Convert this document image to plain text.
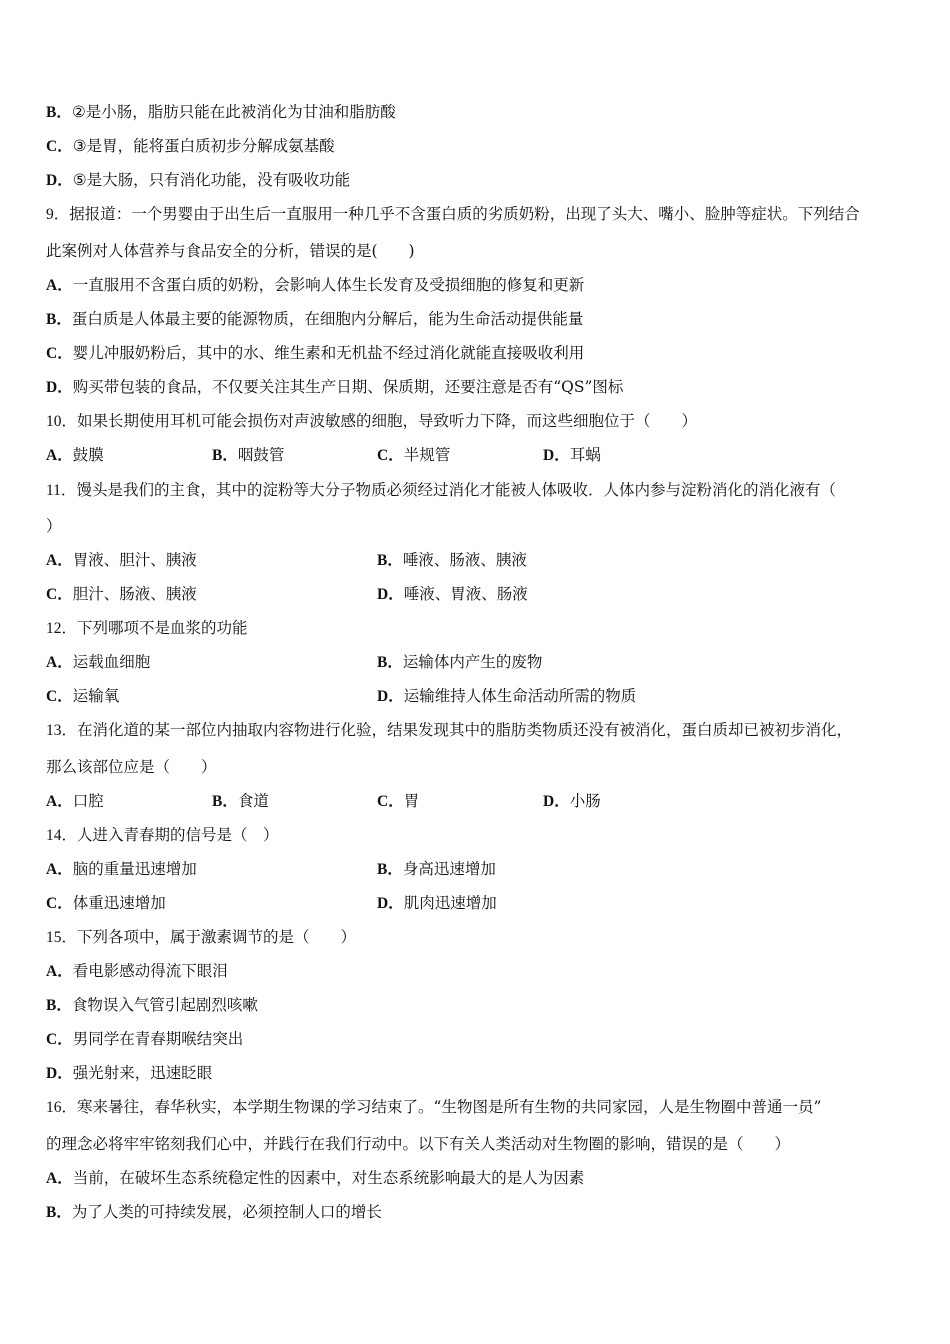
B．②是小肠，脂肪只能在此被消化为甘油和脂肪酸
C．③是胃，能将蛋白质初步分解成氨基酸
D．⑤是大肠，只有消化功能，没有吸收功能
9．据报道：一个男婴由于出生后一直服用一种几乎不含蛋白质的劣质奶粉，出现了头大、嘴小、脸肿等症状。下列结合
此案例对人体营养与食品安全的分析，错误的是(　　)
A．一直服用不含蛋白质的奶粉，会影响人体生长发育及受损细胞的修复和更新
B．蛋白质是人体最主要的能源物质，在细胞内分解后，能为生命活动提供能量
C．婴儿冲服奶粉后，其中的水、维生素和无机盐不经过消化就能直接吸收利用
D．购买带包装的食品，不仅要关注其生产日期、保质期，还要注意是否有“QS”图标
10．如果长期使用耳机可能会损伤对声波敏感的细胞，导致听力下降，而这些细胞位于（　　）
A．鼓膜	B．咽鼓管	C．半规管	D．耳蜗
11．馒头是我们的主食，其中的淀粉等大分子物质必须经过消化才能被人体吸收．人体内参与淀粉消化的消化液有（
）
A．胃液、胆汁、胰液	B．唾液、肠液、胰液
C．胆汁、肠液、胰液	D．唾液、胃液、肠液
12．下列哪项不是血浆的功能
A．运载血细胞	B．运输体内产生的废物
C．运输氧	D．运输维持人体生命活动所需的物质
13．在消化道的某一部位内抽取内容物进行化验，结果发现其中的脂肪类物质还没有被消化，蛋白质却已被初步消化，
那么该部位应是（　　）
A．口腔	B．食道	C．胃	D．小肠
14．人进入青春期的信号是（　）
A．脑的重量迅速增加	B．身高迅速增加
C．体重迅速增加	D．肌肉迅速增加
15．下列各项中，属于激素调节的是（　　）
A．看电影感动得流下眼泪
B．食物误入气管引起剧烈咳嗽
C．男同学在青春期喉结突出
D．强光射来，迅速眨眼
16．寒来暑往，春华秋实，本学期生物课的学习结束了。“生物图是所有生物的共同家园，人是生物圈中普通一员”
的理念必将牢牢铭刻我们心中，并践行在我们行动中。以下有关人类活动对生物圈的影响，错误的是（　　）
A．当前，在破坏生态系统稳定性的因素中，对生态系统影响最大的是人为因素
B．为了人类的可持续发展，必须控制人口的增长
